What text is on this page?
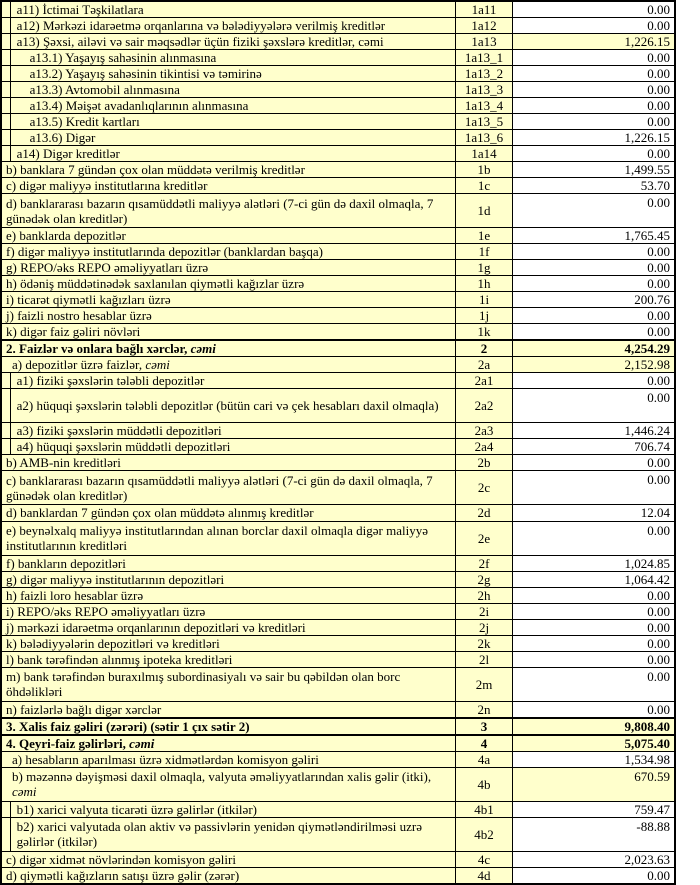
	a11) İctimai Təşkilatlara	1a11	0.00
	a12) Mərkəzi idarəetmə orqanlarına və bələdiyyələrə verilmiş kreditlər	1a12	0.00
	a13) Şəxsi, ailəvi və sair məqsədlər üçün fiziki şəxslərə kreditlər, cəmi	1a13	1,226.15
	a13.1) Yaşayış sahəsinin alınmasına	1a13_1	0.00
	a13.2) Yaşayış sahəsinin tikintisi və təmirinə	1a13_2	0.00
	a13.3) Avtomobil alınmasına	1a13_3	0.00
	a13.4) Məişət avadanlıqlarının alınmasına	1a13_4	0.00
	a13.5) Kredit kartları	1a13_5	0.00
	a13.6) Digər	1a13_6	1,226.15
	a14) Digər kreditlər	1a14	0.00
b) banklara 7 gündən çox olan müddətə verilmiş kreditlər		1b	1,499.55
c) digər maliyyə institutlarına kreditlər		1c	53.70
d) banklararası bazarın qısamüddətli maliyyə alətləri (7-ci gün də daxil olmaqla, 7 günədək olan kreditlər)		1d	0.00
e) banklarda depozitlər		1e	1,765.45
f) digər maliyyə institutlarında depozitlər (banklardan başqa)		1f	0.00
g) REPO/əks REPO əməliyyatları üzrə		1g	0.00
h) ödəniş müddətinədək saxlanılan qiymətli kağızlar üzrə		1h	0.00
i) ticarət qiymətli kağızları üzrə		1i	200.76
j) faizli nostro hesablar üzrə		1j	0.00
k) digər faiz gəliri növləri		1k	0.00
2. Faizlər və onlara bağlı xərclər, cəmi		2	4,254.29
a) depozitlər üzrə faizlər, cəmi		2a	2,152.98
	a1) fiziki şəxslərin tələbli depozitlər	2a1	0.00
	a2) hüquqi şəxslərin tələbli depozitlər (bütün cari və çek hesabları daxil olmaqla)	2a2	0.00
	a3) fiziki şəxslərin müddətli depozitləri	2a3	1,446.24
	a4) hüquqi şəxslərin müddətli depozitləri	2a4	706.74
b) AMB-nin kreditləri		2b	0.00
c) banklararası bazarın qısamüddətli maliyyə alətləri (7-ci gün də daxil olmaqla, 7 günədək olan kreditlər)		2c	0.00
d) banklardan 7 gündən çox olan müddətə alınmış kreditlər		2d	12.04
e) beynəlxalq maliyyə institutlarından alınan borclar daxil olmaqla digər maliyyə institutlarının kreditləri		2e	0.00
f) bankların depozitləri		2f	1,024.85
g) digər maliyyə institutlarının depozitləri		2g	1,064.42
h) faizli loro hesablar üzrə		2h	0.00
i) REPO/əks REPO əməliyyatları üzrə		2i	0.00
j) mərkəzi idarəetmə orqanlarının depozitləri və kreditləri		2j	0.00
k) bələdiyyələrin depozitləri və kreditləri		2k	0.00
l) bank tərəfindən alınmış ipoteka kreditləri		2l	0.00
m) bank tərəfindən buraxılmış subordinasiyalı və sair bu qəbildən olan borc öhdəlikləri		2m	0.00
n) faizlərlə bağlı digər xərclər		2n	0.00
3. Xalis faiz gəliri (zərəri) (sətir 1 çıx sətir 2)		3	9,808.40
4. Qeyri-faiz gəlirləri, cəmi		4	5,075.40
a) hesabların aparılması üzrə xidmətlərdən komisyon gəliri		4a	1,534.98
b) məzənnə dəyişməsi daxil olmaqla, valyuta əməliyyatlarından xalis gəlir (itki), cəmi		4b	670.59
	b1) xarici valyuta ticarəti üzrə gəlirlər (itkilər)	4b1	759.47
	b2) xarici valyutada olan aktiv və passivlərin yenidən qiymətləndirilməsi uzrə gəlirlər (itkilər)	4b2	-88.88
c) digər xidmət növlərindən komisyon gəliri		4c	2,023.63
d) qiymətli kağızların satışı üzrə gəlir (zərər)		4d	0.00
